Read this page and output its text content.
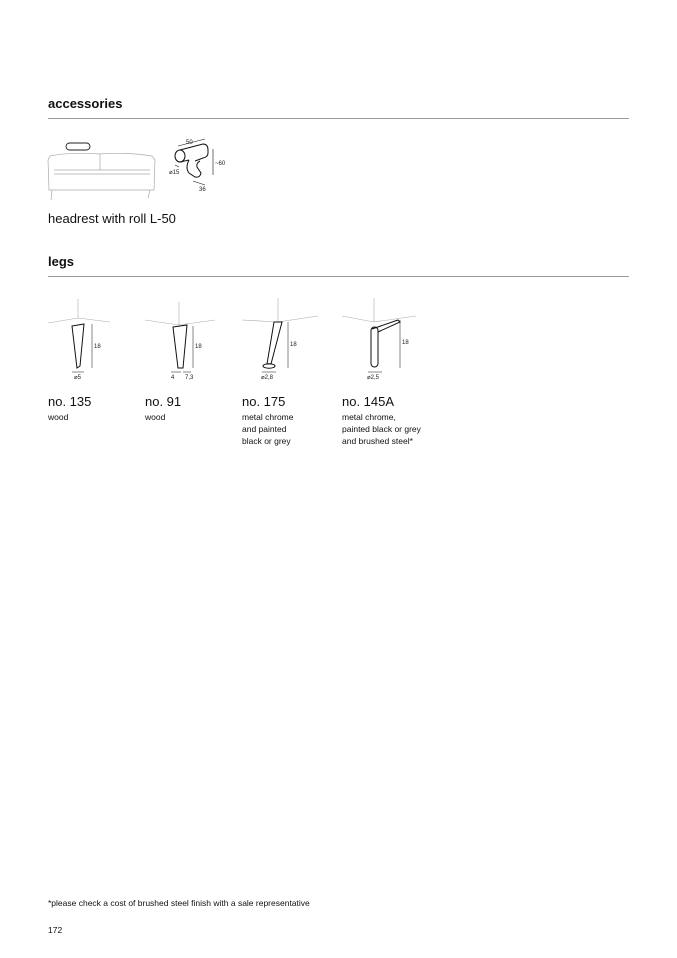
accessories
50
~60
⌀15
36
headrest with roll L-50
legs
18
⌀5
no. 135
wood
18
4 7,3
no. 91
wood
18
⌀2,8
no. 175
metal chrome
and painted
black or grey
18
⌀2,5
no. 145A
metal chrome,
painted black or grey
and brushed steel*
*please check a cost of brushed steel finish with a sale representative
172
